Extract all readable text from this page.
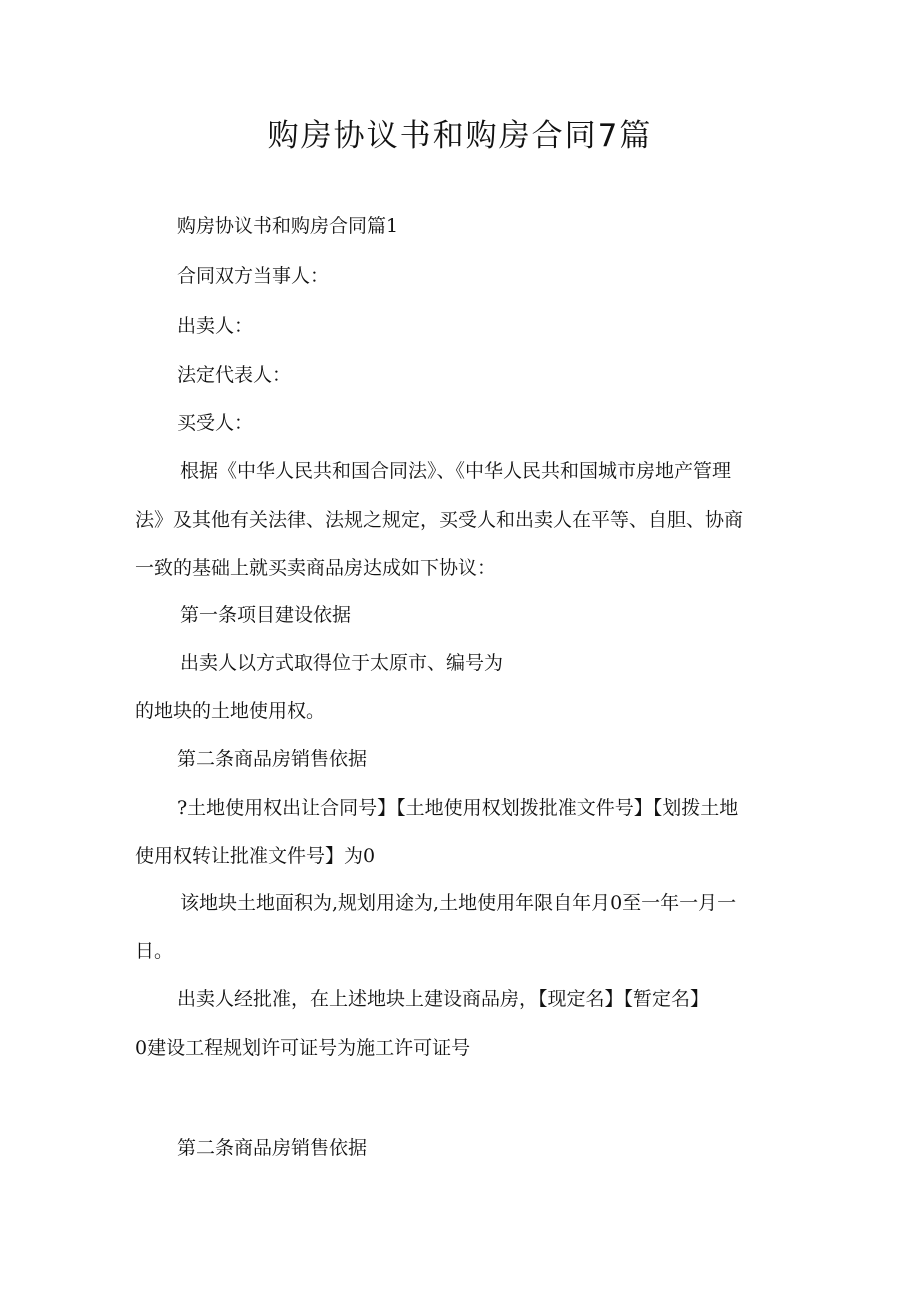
购房协议书和购房合同7篇

购房协议书和购房合同篇1

合同双方当事人：

出卖人：

法定代表人：

买受人：

根据《中华人民共和国合同法》、《中华人民共和国城市房地产管理

法》及其他有关法律、法规之规定，买受人和出卖人在平等、自胆、协商

一致的基础上就买卖商品房达成如下协议：

第一条项目建设依据

出卖人以方式取得位于太原市、编号为

的地块的土地使用权。

第二条商品房销售依据

?土地使用权出让合同号】【土地使用权划拨批准文件号】【划拨土地

使用权转让批准文件号】为0

该地块土地面积为,规划用途为,土地使用年限自年月0至一年一月一

日。

出卖人经批准，在上述地块上建设商品房，【现定名】【暂定名】

0建设工程规划许可证号为施工许可证号

第二条商品房销售依据
